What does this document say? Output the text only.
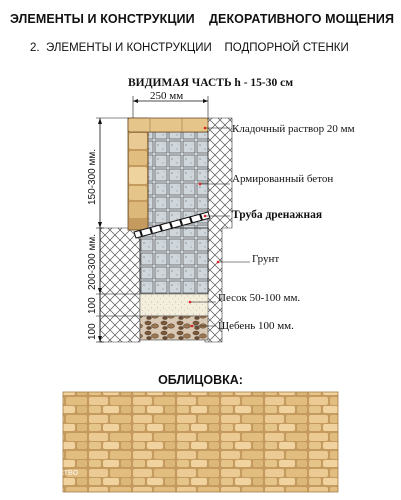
ЭЛЕМЕНТЫ И КОНСТРУКЦИИ ДЕКОРАТИВНОГО МОЩЕНИЯ
2.  ЭЛЕМЕНТЫ И КОНСТРУКЦИИ    ПОДПОРНОЙ СТЕНКИ
ВИДИМАЯ ЧАСТЬ h - 15-30 см
250 мм
150-300 мм.
200-300 мм.
100
100
Кладочный раствор 20 мм
Армированный бетон
Труба дренажная
Грунт
Песок 50-100 мм.
Щебень 100 мм.
ОБЛИЦОВКА:
Строительство
Советы
